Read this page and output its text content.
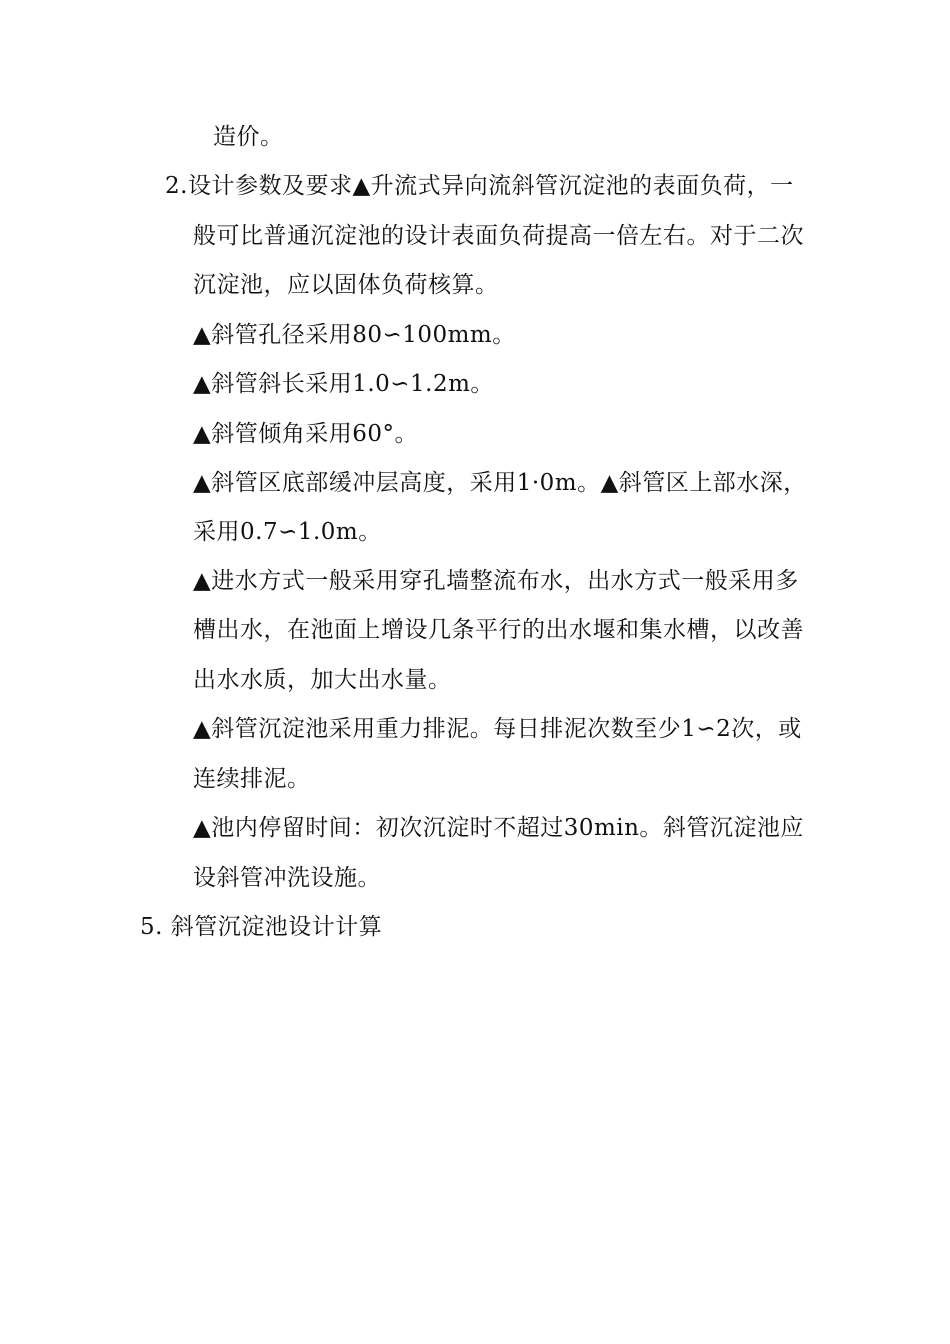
造价。
2.设计参数及要求▲升流式异向流斜管沉淀池的表面负荷，一
般可比普通沉淀池的设计表面负荷提高一倍左右。对于二次
沉淀池，应以固体负荷核算。
▲斜管孔径采用80∽100mm。
▲斜管斜长采用1.0∽1.2m。
▲斜管倾角采用60°。
▲斜管区底部缓冲层高度，采用1·0m。▲斜管区上部水深，
采用0.7∽1.0m。
▲进水方式一般采用穿孔墙整流布水，出水方式一般采用多
槽出水，在池面上增设几条平行的出水堰和集水槽，以改善
出水水质，加大出水量。
▲斜管沉淀池采用重力排泥。每日排泥次数至少1∽2次，或
连续排泥。
▲池内停留时间：初次沉淀时不超过30min。斜管沉淀池应
设斜管冲洗设施。
5. 斜管沉淀池设计计算
